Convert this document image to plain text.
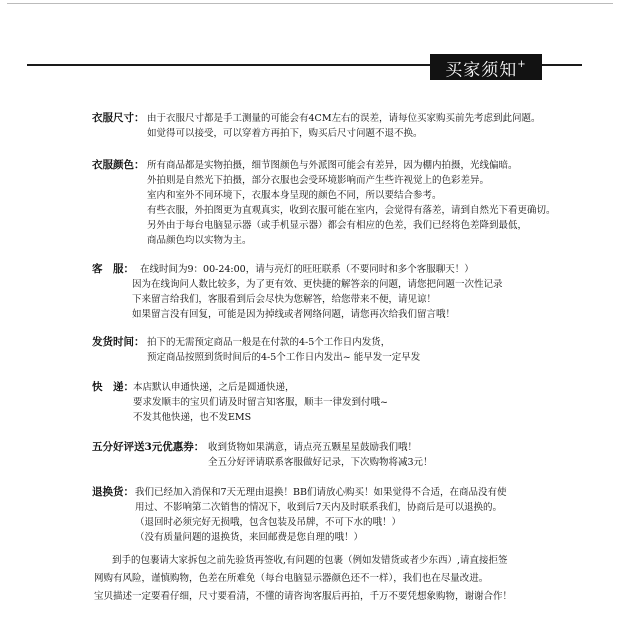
买家须知+
衣服尺寸： 由于衣服尺寸都是手工测量的可能会有4CM左右的误差，请每位买家购买前先考虑到此问题。
如觉得可以接受，可以穿着方再拍下，购买后尺寸问题不退不换。
衣服颜色： 所有商品都是实物拍摄，细节图颜色与外派图可能会有差异，因为棚内拍摄，光线偏暗。
外拍则是自然光下拍摄，部分衣服也会受环境影响而产生些许视觉上的色彩差异。
室内和室外不同环境下，衣服本身呈现的颜色不同，所以要结合参考。
有些衣服，外拍图更为直观真实，收到衣服可能在室内，会觉得有落差，请到自然光下看更确切。
另外由于每台电脑显示器（或手机显示器）都会有相应的色差，我们已经将色差降到最低，
商品颜色均以实物为主。
客　服： 在线时间为9：00-24:00，请与亮灯的旺旺联系（不要同时和多个客服聊天！）
因为在线询问人数比较多，为了更有效、更快捷的解答亲的问题，请您把问题一次性记录
下来留言给我们，客服看到后会尽快为您解答，给您带来不便，请见谅！
如果留言没有回复，可能是因为掉线或者网络问题，请您再次给我们留言哦！
发货时间： 拍下的无需预定商品一般是在付款的4-5个工作日内发货，
预定商品按照到货时间后的4-5个工作日内发出~ 能早发一定早发
快　递： 本店默认申通快递，之后是圆通快递，
要求发顺丰的宝贝们请及时留言知客服，顺丰一律发到付哦~
不发其他快递，也不发EMS
五分好评送3元优惠券： 收到货物如果满意，请点亮五颗星星鼓励我们哦！
全五分好评请联系客服做好记录，下次购物将减3元！
退换货： 我们已经加入消保和7天无理由退换！BB们请放心购买！如果觉得不合适，在商品没有使
用过、不影响第二次销售的情况下，收到后7天内及时联系我们，协商后是可以退换的。
（退回时必须完好无损哦，包含包装及吊牌，不可下水的哦！）
（没有质量问题的退换货，来回邮费是您自理的哦！）
到手的包裹请大家拆包之前先验货再签收,有问题的包裹（例如发错货或者少东西）,请直接拒签
网购有风险，谨慎购物，色差在所难免（每台电脑显示器颜色还不一样），我们也在尽量改进。
宝贝描述一定要看仔细，尺寸要看清，不懂的请咨询客服后再拍，千万不要凭想象购物，谢谢合作！
